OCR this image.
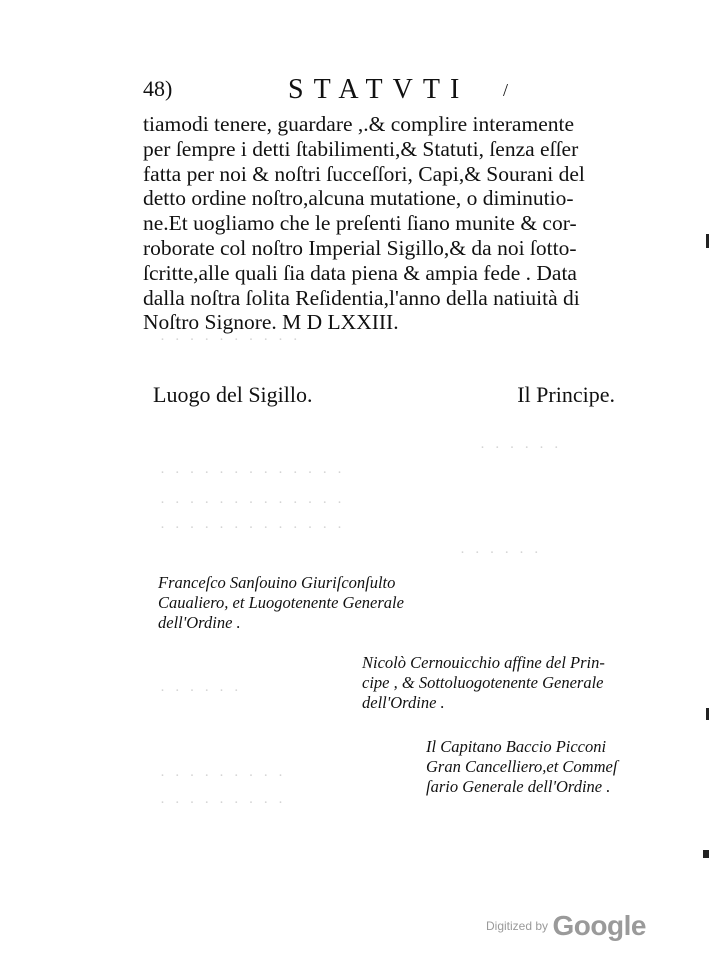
48)	STATVTI /

tiamodi tenere, guardare ,.& complire interamente
per ſempre i detti ſtabilimenti,& Statuti, ſenza eſſer
fatta per noi & noſtri ſucceſſori, Capi,& Sourani del
detto ordine noſtro,alcuna mutatione, o diminutio-
ne.Et uogliamo che le preſenti ſiano munite & cor-
roborate col noſtro Imperial Sigillo,& da noi ſotto-
ſcritte,alle quali ſia data piena & ampia fede . Data
dalla noſtra ſolita Reſidentia,l'anno della natiuità di
Noſtro Signore. M D LXXIII.

· · · · · · · · · ·
· · · · · ·
· · · · · · · · · · · · ·
· · · · · · · · · · · · ·
· · · · · · · · · · · · ·
· · · · · ·
· · · · · ·
· · · · · · · · ·
· · · · · · · · ·
Luogo del Sigillo.	Il Principe.
Franceſco Sanſouino Giuriſconſulto
Caualiero, et Luogotenente Generale
dell'Ordine .
Nicolò Cernouicchio affine del Prin-
cipe , & Sottoluogotenente Generale
dell'Ordine .
Il Capitano Baccio Picconi
Gran Cancelliero,et Commeſ
ſario Generale dell'Ordine .
Digitized by Google
